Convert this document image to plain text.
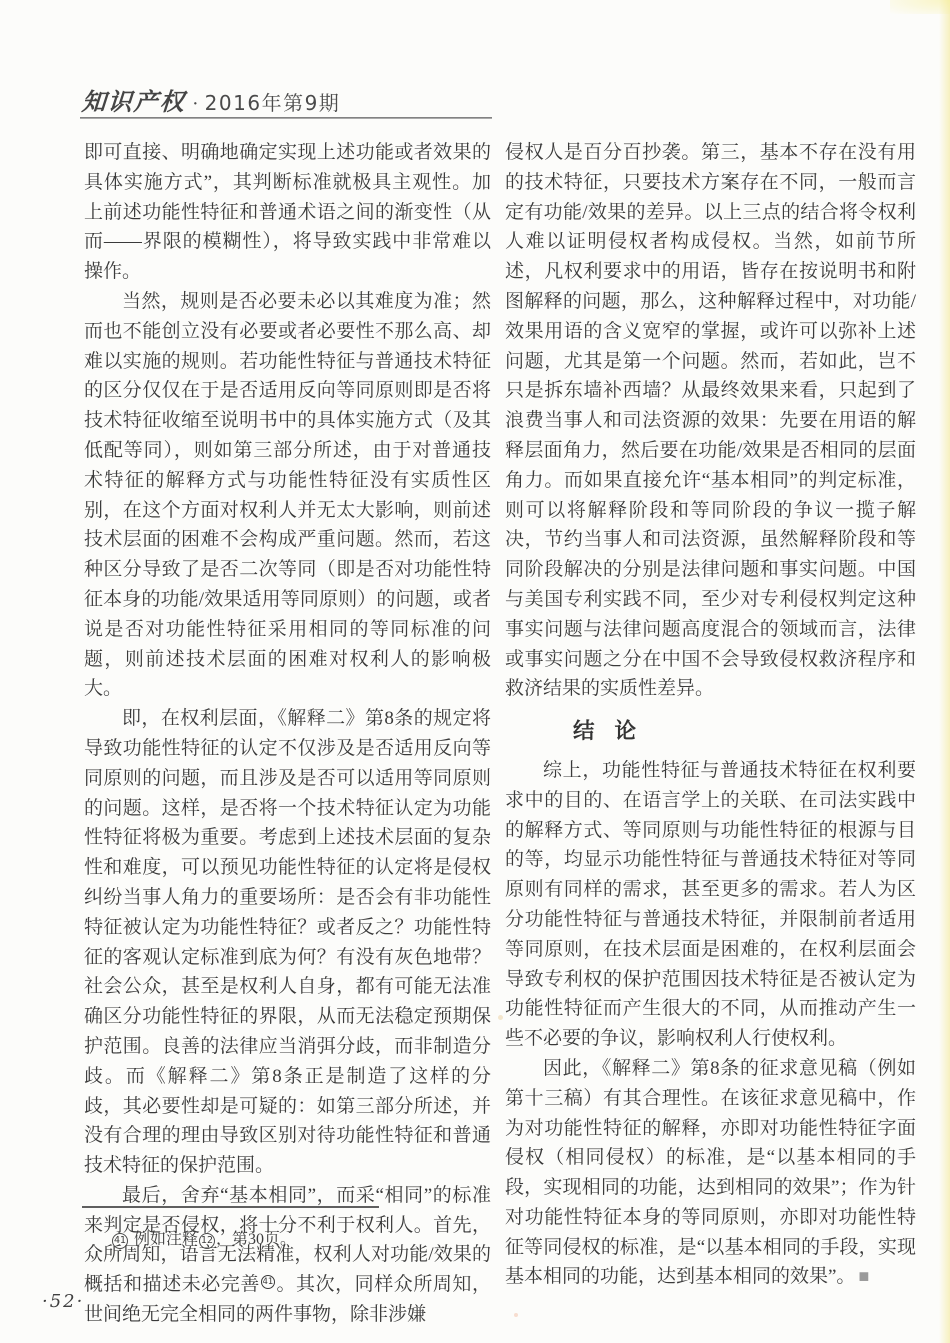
知识产权 · 2016年第9期

即可直接、明确地确定实现上述功能或者效果的具体实施方式”，其判断标准就极具主观性。加上前述功能性特征和普通术语之间的渐变性（从而——界限的模糊性），将导致实践中非常难以操作。

当然，规则是否必要未必以其难度为准；然而也不能创立没有必要或者必要性不那么高、却难以实施的规则。若功能性特征与普通技术特征的区分仅仅在于是否适用反向等同原则即是否将技术特征收缩至说明书中的具体实施方式（及其低配等同），则如第三部分所述，由于对普通技术特征的解释方式与功能性特征没有实质性区别，在这个方面对权利人并无太大影响，则前述技术层面的困难不会构成严重问题。然而，若这种区分导致了是否二次等同（即是否对功能性特征本身的功能/效果适用等同原则）的问题，或者说是否对功能性特征采用相同的等同标准的问题，则前述技术层面的困难对权利人的影响极大。

即，在权利层面，《解释二》第8条的规定将导致功能性特征的认定不仅涉及是否适用反向等同原则的问题，而且涉及是否可以适用等同原则的问题。这样，是否将一个技术特征认定为功能性特征将极为重要。考虑到上述技术层面的复杂性和难度，可以预见功能性特征的认定将是侵权纠纷当事人角力的重要场所：是否会有非功能性特征被认定为功能性特征？或者反之？功能性特征的客观认定标准到底为何？有没有灰色地带？社会公众，甚至是权利人自身，都有可能无法准确区分功能性特征的界限，从而无法稳定预期保护范围。良善的法律应当消弭分歧，而非制造分歧。而《解释二》第8条正是制造了这样的分歧，其必要性却是可疑的：如第三部分所述，并没有合理的理由导致区别对待功能性特征和普通技术特征的保护范围。

最后，舍弃“基本相同”，而采“相同”的标准来判定是否侵权，将十分不利于权利人。首先，众所周知，语言无法精准，权利人对功能/效果的概括和描述未必完善 $^{41}$ 。其次，同样众所周知，世间绝无完全相同的两件事物，除非涉嫌

侵权人是百分百抄袭。第三，基本不存在没有用的技术特征，只要技术方案存在不同，一般而言定有功能/效果的差异。以上三点的结合将令权利人难以证明侵权者构成侵权。当然，如前节所述，凡权利要求中的用语，皆存在按说明书和附图解释的问题，那么，这种解释过程中，对功能/效果用语的含义宽窄的掌握，或许可以弥补上述问题，尤其是第一个问题。然而，若如此，岂不只是拆东墙补西墙？从最终效果来看，只起到了浪费当事人和司法资源的效果：先要在用语的解释层面角力，然后要在功能/效果是否相同的层面角力。而如果直接允许“基本相同”的判定标准，则可以将解释阶段和等同阶段的争议一揽子解决，节约当事人和司法资源，虽然解释阶段和等同阶段解决的分别是法律问题和事实问题。中国与美国专利实践不同，至少对专利侵权判定这种事实问题与法律问题高度混合的领域而言，法律或事实问题之分在中国不会导致侵权救济程序和救济结果的实质性差异。

结 论

综上，功能性特征与普通技术特征在权利要求中的目的、在语言学上的关联、在司法实践中的解释方式、等同原则与功能性特征的根源与目的等，均显示功能性特征与普通技术特征对等同原则有同样的需求，甚至更多的需求。若人为区分功能性特征与普通技术特征，并限制前者适用等同原则，在技术层面是困难的，在权利层面会导致专利权的保护范围因技术特征是否被认定为功能性特征而产生很大的不同，从而推动产生一些不必要的争议，影响权利人行使权利。

因此，《解释二》第8条的征求意见稿（例如第十三稿）有其合理性。在该征求意见稿中，作为对功能性特征的解释，亦即对功能性特征字面侵权（相同侵权）的标准，是“以基本相同的手段，实现相同的功能，达到相同的效果”；作为针对功能性特征本身的等同原则，亦即对功能性特征等同侵权的标准，是“以基本相同的手段，实现基本相同的功能，达到基本相同的效果”。 ■

41 例如注释 12 ，第30页。
·52·
